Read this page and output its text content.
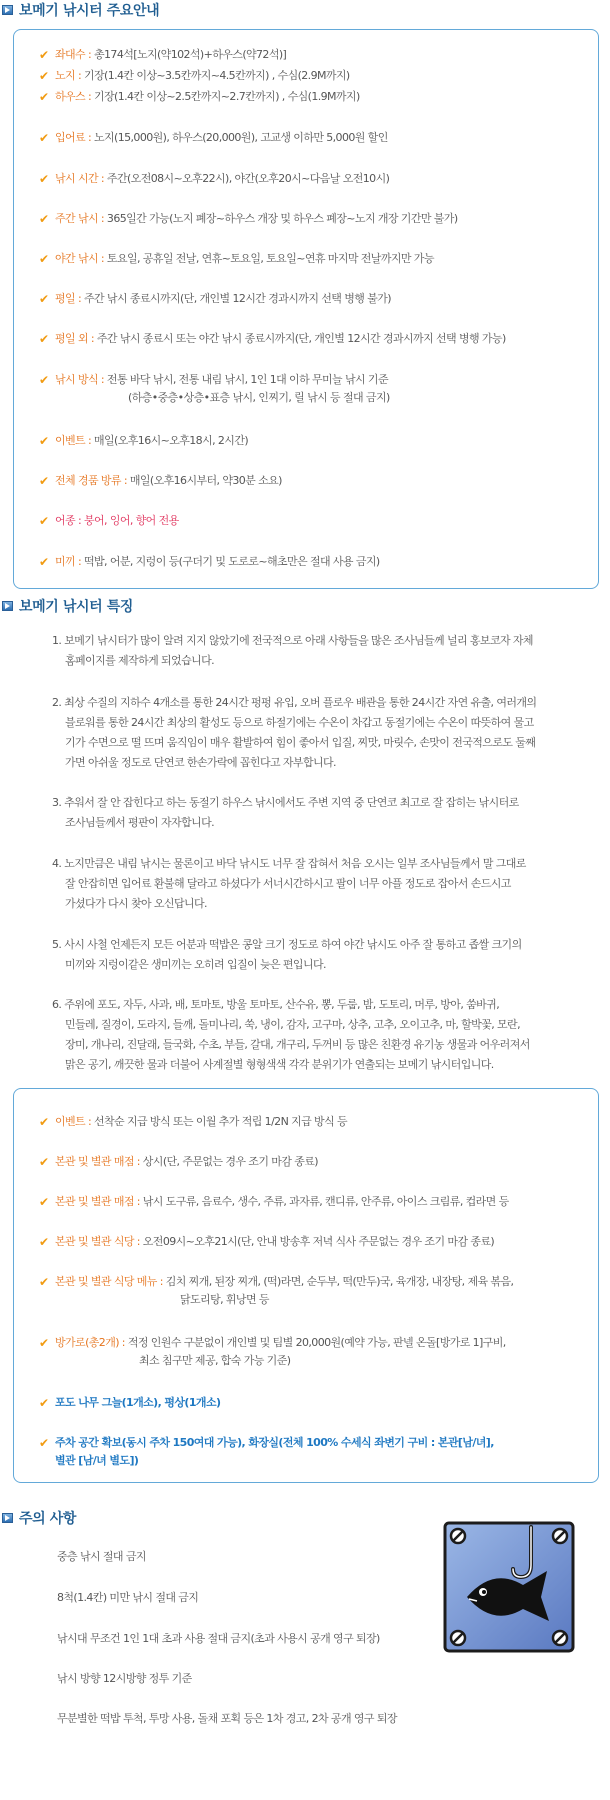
보메기 낚시터 주요안내
✔ 좌대수 : 총174석[노지(약102석)+하우스(약72석)]
✔ 노지 : 기장(1.4칸 이상~3.5칸까지~4.5칸까지) , 수심(2.9M까지)
✔ 하우스 : 기장(1.4칸 이상~2.5칸까지~2.7칸까지) , 수심(1.9M까지)
✔ 입어료 : 노지(15,000원), 하우스(20,000원), 고교생 이하만 5,000원 할인
✔ 낚시 시간 : 주간(오전08시~오후22시), 야간(오후20시~다음날 오전10시)
✔ 주간 낚시 : 365일간 가능(노지 폐장~하우스 개장 및 하우스 폐장~노지 개장 기간만 불가)
✔ 야간 낚시 : 토요일, 공휴일 전날, 연휴~토요일, 토요일~연휴 마지막 전날까지만 가능
✔ 평일 : 주간 낚시 종료시까지(단, 개인별 12시간 경과시까지 선택 병행 불가)
✔ 평일 외 : 주간 낚시 종료시 또는 야간 낚시 종료시까지(단, 개인별 12시간 경과시까지 선택 병행 가능)
✔ 낚시 방식 : 전통 바닥 낚시, 전통 내림 낚시, 1인 1대 이하 무미늘 낚시 기준
(하층•중층•상층•표층 낚시, 인찌기, 릴 낚시 등 절대 금지)
✔ 이벤트 : 매일(오후16시~오후18시, 2시간)
✔ 전체 경품 방류 : 매일(오후16시부터, 약30분 소요)
✔ 어종 : 붕어, 잉어, 향어 전용
✔ 미끼 : 떡밥, 어분, 지렁이 등(구더기 및 도로로~해초만은 절대 사용 금지)
보메기 낚시터 특징
1. 보메기 낚시터가 많이 알려 지지 않았기에 전국적으로 아래 사항들을 많은 조사님들께 널리 홍보코자 자체
홈페이지를 제작하게 되었습니다.
2. 최상 수질의 지하수 4개소를 통한 24시간 펑펑 유입, 오버 플로우 배관을 통한 24시간 자연 유출, 여러개의
블로워를 통한 24시간 최상의 활성도 등으로 하절기에는 수온이 차갑고 동절기에는 수온이 따뜻하여 물고
기가 수면으로 떨 뜨며 움직임이 매우 활발하여 힘이 좋아서 입질, 찌맛, 마릿수, 손맛이 전국적으로도 둘째
가면 아쉬울 정도로 단연코 한손가락에 꼽힌다고 자부합니다.
3. 추워서 잘 안 잡힌다고 하는 동절기 하우스 낚시에서도 주변 지역 중 단연코 최고로 잘 잡히는 낚시터로
조사님들께서 평판이 자자합니다.
4. 노지만큼은 내림 낚시는 물론이고 바닥 낚시도 너무 잘 잡혀서 처음 오시는 일부 조사님들께서 말 그대로
잘 안잡히면 입어료 환불해 달라고 하셨다가 서너시간하시고 팔이 너무 아플 정도로 잡아서 손드시고
가셨다가 다시 찾아 오신답니다.
5. 사시 사철 언제든지 모든 어분과 떡밥은 콩알 크기 정도로 하여 야간 낚시도 아주 잘 통하고 좁쌀 크기의
미끼와 지렁이같은 생미끼는 오히려 입질이 늦은 편입니다.
6. 주위에 포도, 자두, 사과, 배, 토마토, 방울 토마토, 산수유, 뽕, 두룹, 밤, 도토리, 머루, 방아, 쑴바귀,
민들레, 질경이, 도라지, 들깨, 돌미나리, 쑥, 냉이, 감자, 고구마, 상추, 고추, 오이고추, 마, 할박꽃, 모란,
장미, 개나리, 진달래, 들국화, 수초, 부들, 갈대, 개구리, 두꺼비 등 많은 친환경 유기농 생물과 어우러져서
맑은 공기, 깨끗한 물과 더불어 사계절별 형형색색 각각 분위기가 연출되는 보메기 낚시터입니다.
✔ 이벤트 : 선착순 지급 방식 또는 이월 추가 적립 1/2N 지급 방식 등
✔ 본관 및 별관 매점 : 상시(단, 주문없는 경우 조기 마감 종료)
✔ 본관 및 별관 매점 : 낚시 도구류, 음료수, 생수, 주류, 과자류, 캔디류, 안주류, 아이스 크림류, 컵라면 등
✔ 본관 및 별관 식당 : 오전09시~오후21시(단, 안내 방송후 저녁 식사 주문없는 경우 조기 마감 종료)
✔ 본관 및 별관 식당 메뉴 : 김치 찌개, 된장 찌개, (떡)라면, 순두부, 떡(만두)국, 육개장, 내장탕, 제육 볶음,
닭도리탕, 휘낭면 등
✔ 방가로(총2개) : 적정 인원수 구분없이 개인별 및 팀별 20,000원(예약 가능, 판넬 온돌[방가로 1]구비,
최소 침구만 제공, 합숙 가능 기준)
✔ 포도 나무 그늘(1개소), 평상(1개소)
✔ 주차 공간 확보(동시 주차 150여대 가능), 화장실(전체 100% 수세식 좌변기 구비 : 본관[남/녀],
별관 [남/녀 별도])
주의 사항
중층 낚시 절대 금지
8척(1.4칸) 미만 낚시 절대 금지
낚시대 무조건 1인 1대 초과 사용 절대 금지(초과 사용시 공개 영구 퇴장)
낚시 방향 12시방향 정투 기준
무분별한 떡밥 투척, 투망 사용, 돌채 포획 등은 1차 경고, 2차 공개 영구 퇴장
